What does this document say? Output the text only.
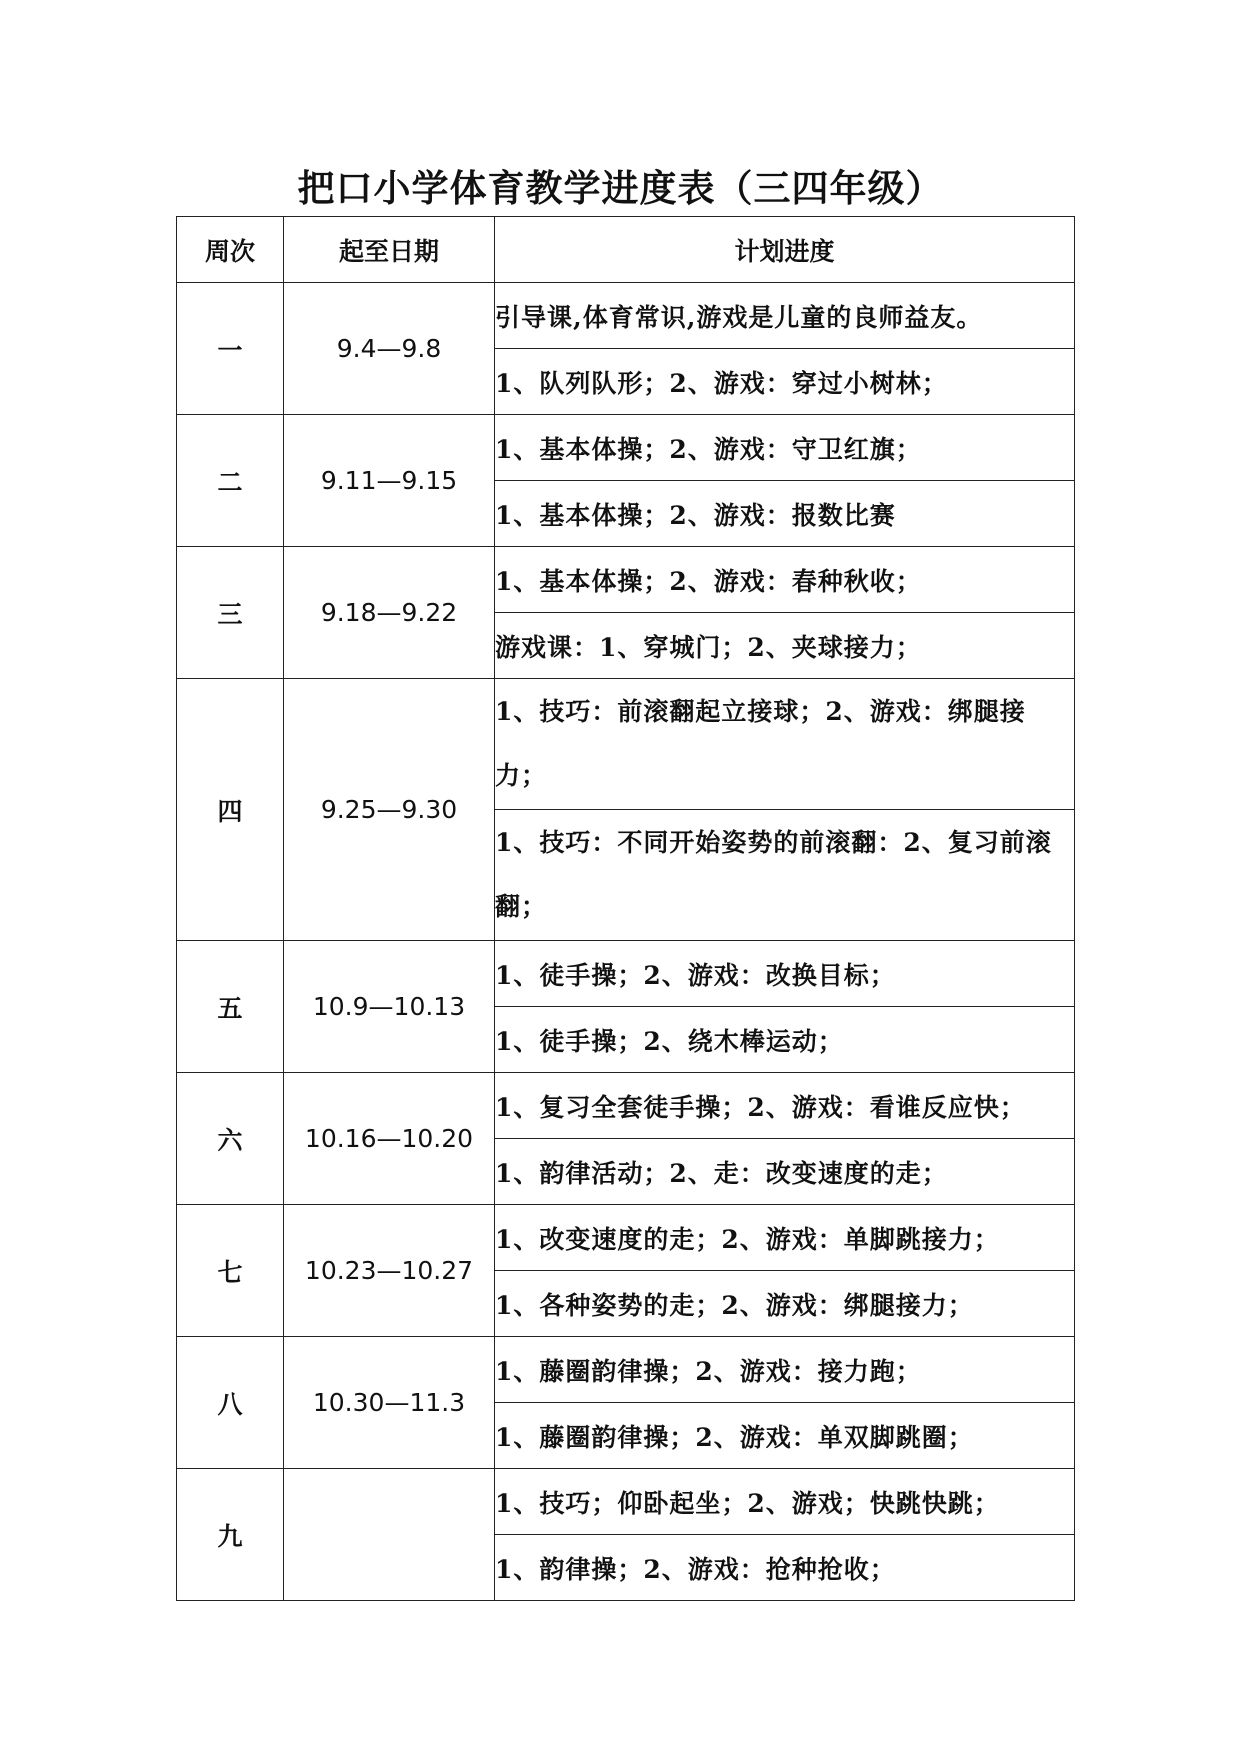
把口小学体育教学进度表（三四年级）
周次	起至日期	计划进度
一	9.4—9.8	引导课,体育常识,游戏是儿童的良师益友。
		1、队列队形；2、游戏：穿过小树林；
二	9.11—9.15	1、基本体操；2、游戏：守卫红旗；
		1、基本体操；2、游戏：报数比赛
三	9.18—9.22	1、基本体操；2、游戏：春种秋收；
		游戏课：1、穿城门；2、夹球接力；
四	9.25—9.30	1、技巧：前滚翻起立接球；2、游戏：绑腿接力；
		1、技巧：不同开始姿势的前滚翻：2、复习前滚翻；
五	10.9—10.13	1、徒手操；2、游戏：改换目标；
		1、徒手操；2、绕木棒运动；
六	10.16—10.20	1、复习全套徒手操；2、游戏：看谁反应快；
		1、韵律活动；2、走：改变速度的走；
七	10.23—10.27	1、改变速度的走；2、游戏：单脚跳接力；
		1、各种姿势的走；2、游戏：绑腿接力；
八	10.30—11.3	1、藤圈韵律操；2、游戏：接力跑；
		1、藤圈韵律操；2、游戏：单双脚跳圈；
九		1、技巧；仰卧起坐；2、游戏；快跳快跳；
		1、韵律操；2、游戏：抢种抢收；
